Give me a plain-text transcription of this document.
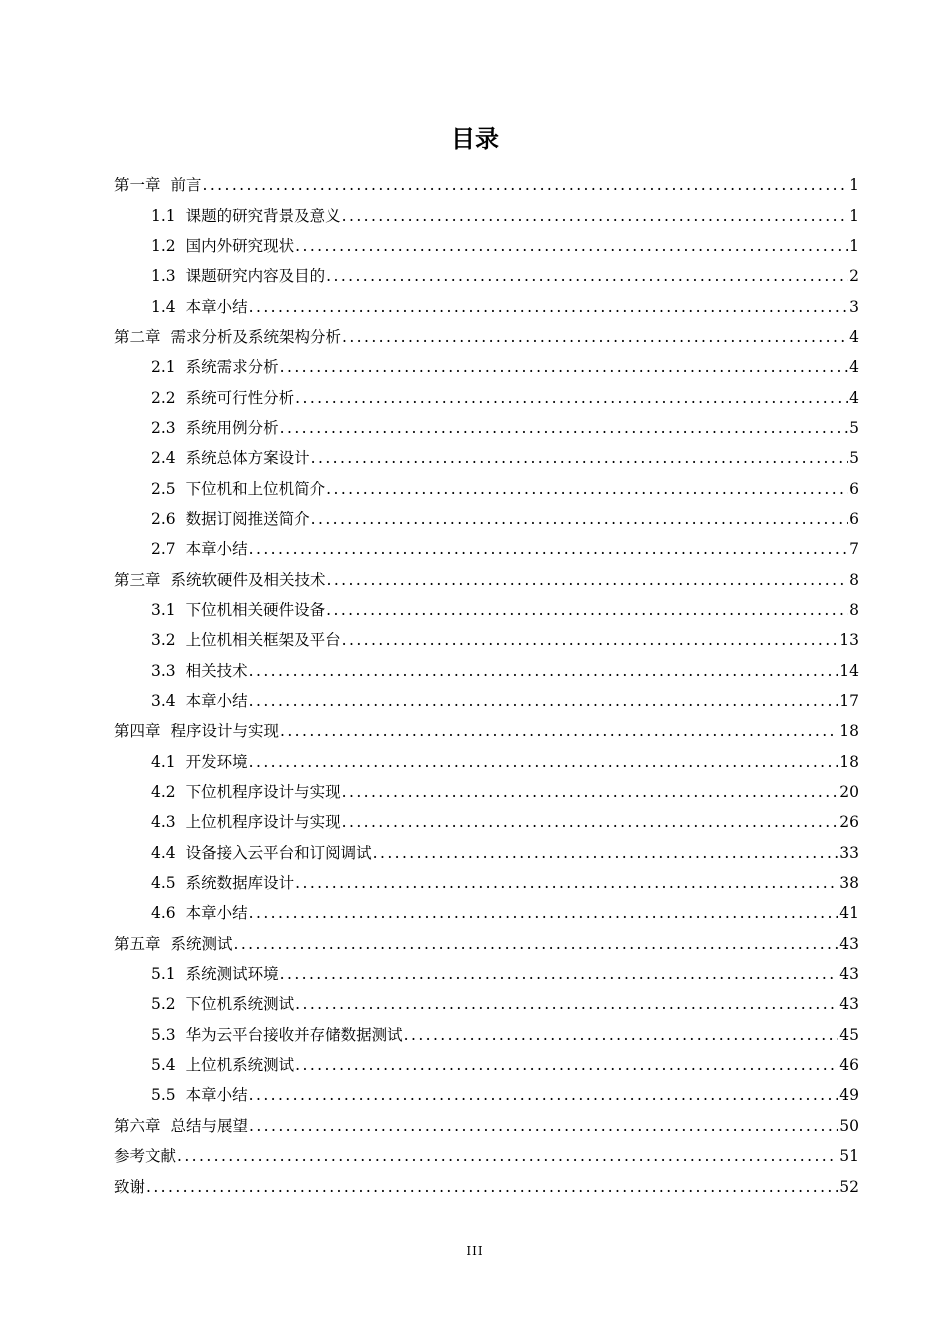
目录
第一章 前言 .....	1
1.1 课题的研究背景及意义 .....	1
1.2 国内外研究现状 .....	1
1.3 课题研究内容及目的 .....	2
1.4 本章小结 .....	3
第二章 需求分析及系统架构分析 .....	4
2.1 系统需求分析 .....	4
2.2 系统可行性分析 .....	4
2.3 系统用例分析 .....	5
2.4 系统总体方案设计 .....	5
2.5 下位机和上位机简介 .....	6
2.6 数据订阅推送简介 .....	6
2.7 本章小结 .....	7
第三章 系统软硬件及相关技术 .....	8
3.1 下位机相关硬件设备 .....	8
3.2 上位机相关框架及平台 .....	13
3.3 相关技术 .....	14
3.4 本章小结 .....	17
第四章 程序设计与实现 .....	18
4.1 开发环境 .....	18
4.2 下位机程序设计与实现 .....	20
4.3 上位机程序设计与实现 .....	26
4.4 设备接入云平台和订阅调试 .....	33
4.5 系统数据库设计 .....	38
4.6 本章小结 .....	41
第五章 系统测试 .....	43
5.1 系统测试环境 .....	43
5.2 下位机系统测试 .....	43
5.3 华为云平台接收并存储数据测试 .....	45
5.4 上位机系统测试 .....	46
5.5 本章小结 .....	49
第六章 总结与展望 .....	50
参考文献 .....	51
致谢 .....	52
III
